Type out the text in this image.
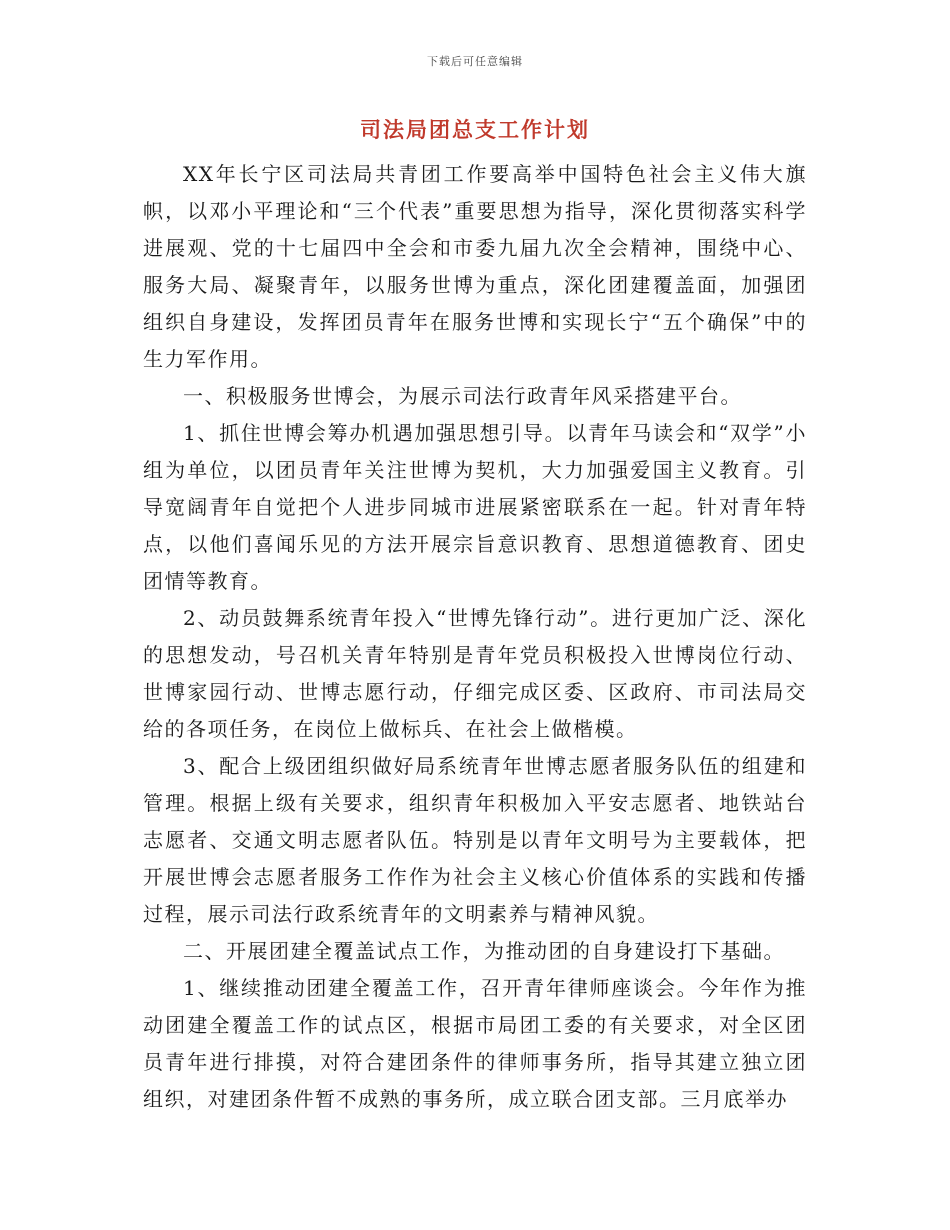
下载后可任意编辑
司法局团总支工作计划

XX年长宁区司法局共青团工作要高举中国特色社会主义伟大旗帜，以邓小平理论和“三个代表”重要思想为指导，深化贯彻落实科学进展观、党的十七届四中全会和市委九届九次全会精神，围绕中心、服务大局、凝聚青年，以服务世博为重点，深化团建覆盖面，加强团组织自身建设，发挥团员青年在服务世博和实现长宁“五个确保”中的生力军作用。

一、积极服务世博会，为展示司法行政青年风采搭建平台。

1、抓住世博会筹办机遇加强思想引导。以青年马读会和“双学”小组为单位，以团员青年关注世博为契机，大力加强爱国主义教育。引导宽阔青年自觉把个人进步同城市进展紧密联系在一起。针对青年特点，以他们喜闻乐见的方法开展宗旨意识教育、思想道德教育、团史团情等教育。

2、动员鼓舞系统青年投入“世博先锋行动”。进行更加广泛、深化的思想发动，号召机关青年特别是青年党员积极投入世博岗位行动、世博家园行动、世博志愿行动，仔细完成区委、区政府、市司法局交给的各项任务，在岗位上做标兵、在社会上做楷模。

3、配合上级团组织做好局系统青年世博志愿者服务队伍的组建和管理。根据上级有关要求，组织青年积极加入平安志愿者、地铁站台志愿者、交通文明志愿者队伍。特别是以青年文明号为主要载体，把开展世博会志愿者服务工作作为社会主义核心价值体系的实践和传播过程，展示司法行政系统青年的文明素养与精神风貌。

二、开展团建全覆盖试点工作，为推动团的自身建设打下基础。

1、继续推动团建全覆盖工作，召开青年律师座谈会。今年作为推动团建全覆盖工作的试点区，根据市局团工委的有关要求，对全区团员青年进行排摸，对符合建团条件的律师事务所，指导其建立独立团组织，对建团条件暂不成熟的事务所，成立联合团支部。三月底举办
